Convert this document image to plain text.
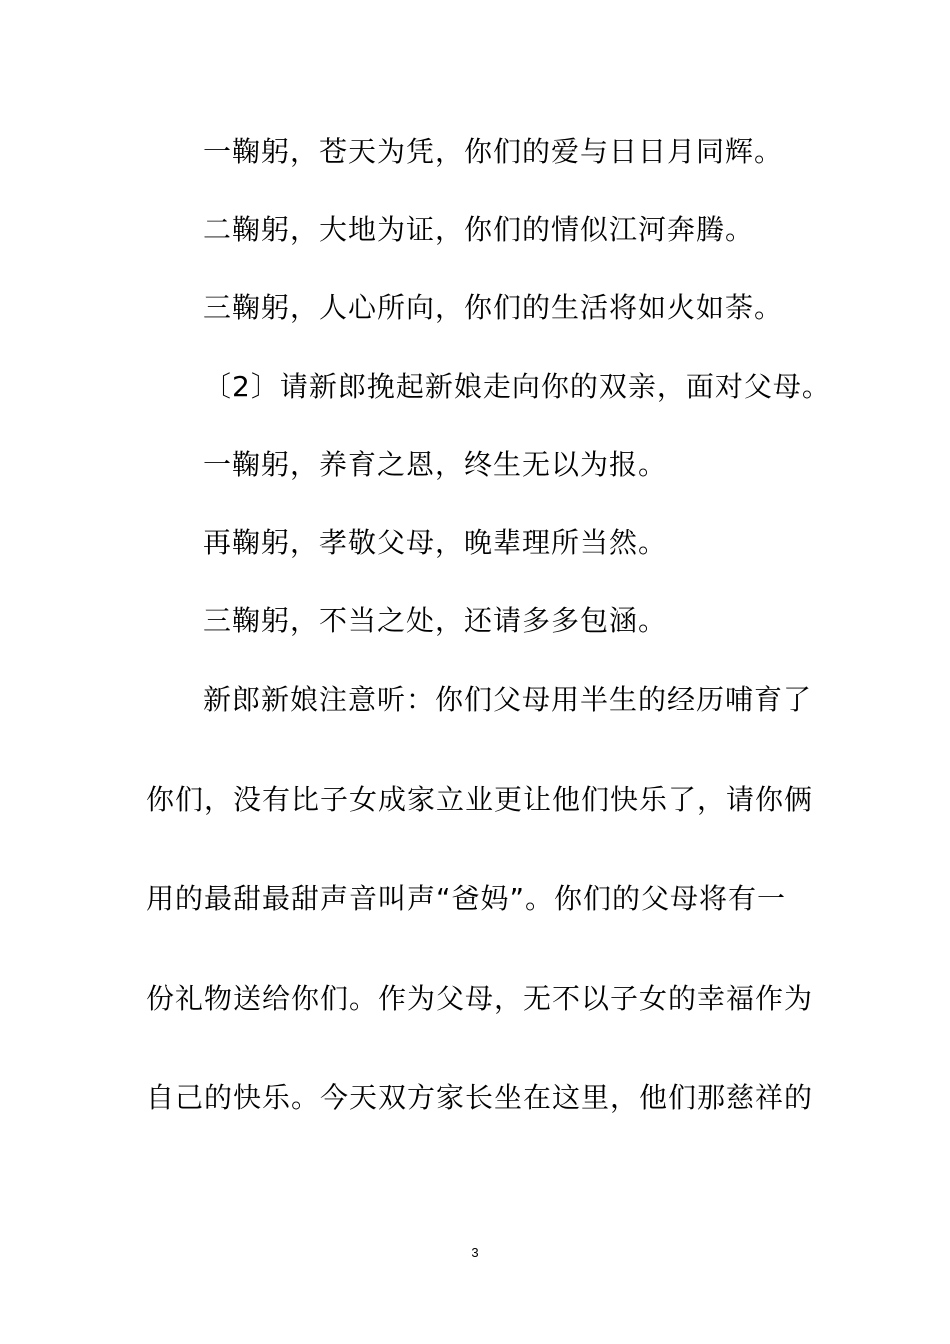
一鞠躬，苍天为凭，你们的爱与日日月同辉。
二鞠躬，大地为证，你们的情似江河奔腾。
三鞠躬，人心所向，你们的生活将如火如荼。
〔2〕请新郎挽起新娘走向你的双亲，面对父母。
一鞠躬，养育之恩，终生无以为报。
再鞠躬，孝敬父母，晚辈理所当然。
三鞠躬，不当之处，还请多多包涵。
新郎新娘注意听：你们父母用半生的经历哺育了
你们，没有比子女成家立业更让他们快乐了，请你俩
用的最甜最甜声音叫声“爸妈”。你们的父母将有一
份礼物送给你们。作为父母，无不以子女的幸福作为
自己的快乐。今天双方家长坐在这里，他们那慈祥的
3
